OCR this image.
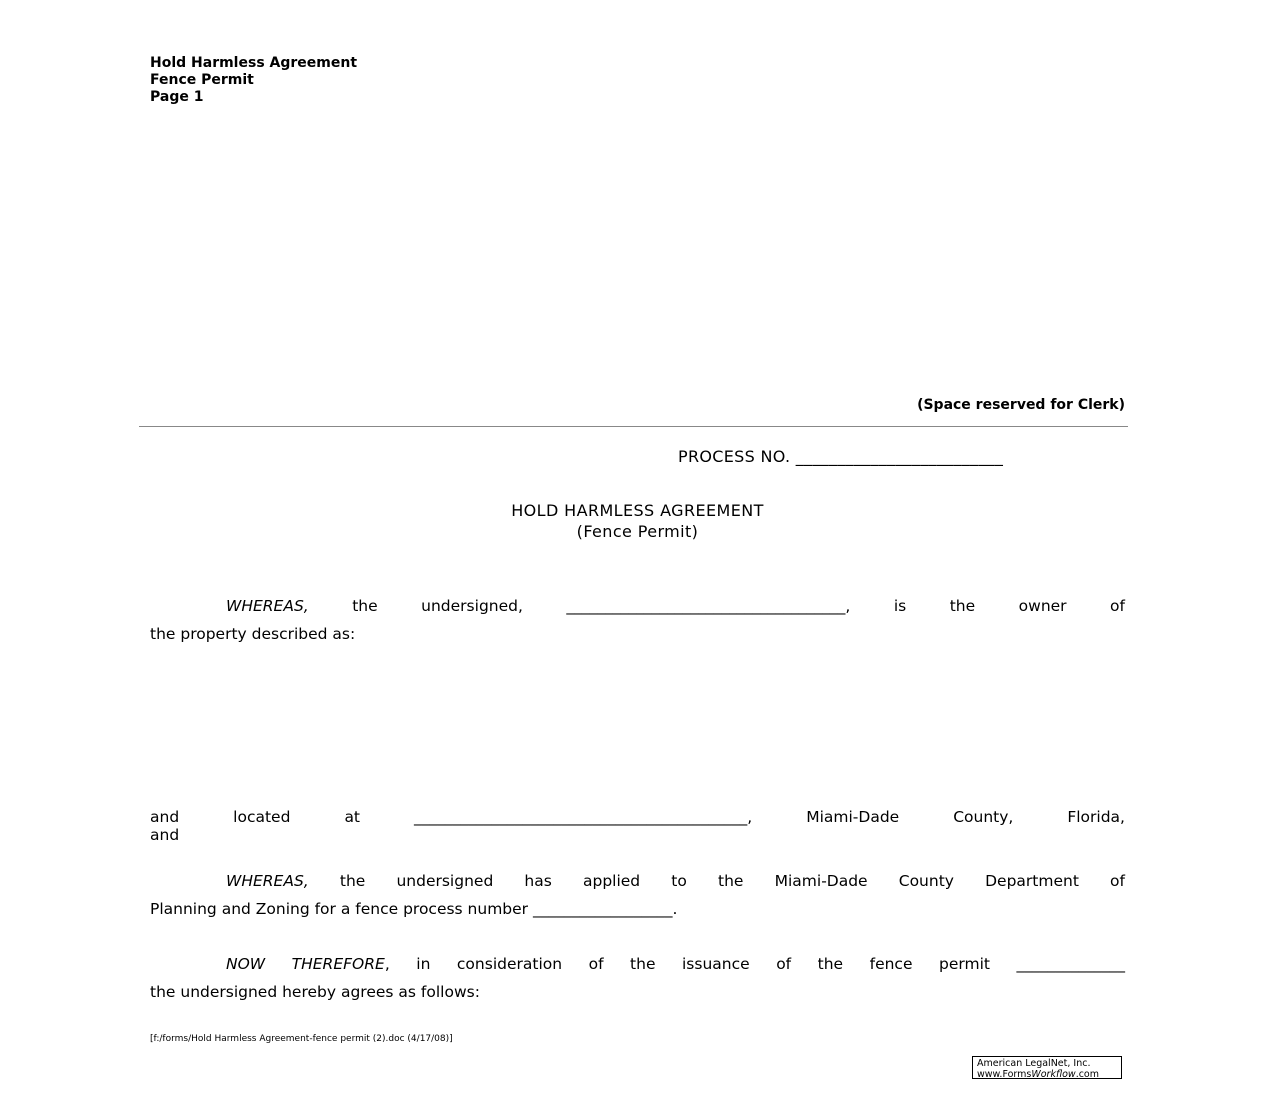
Hold Harmless Agreement
Fence Permit
Page 1
(Space reserved for Clerk)
PROCESS NO. _________________________
HOLD HARMLESS AGREEMENT
(Fence Permit)
WHEREAS, the undersigned, ____________________________________, is the owner of
the property described as:
and located at ___________________________________________, Miami-Dade County, Florida,
and
WHEREAS, the undersigned has applied to the Miami-Dade County Department of
Planning and Zoning for a fence process number __________________.
NOW THEREFORE, in consideration of the issuance of the fence permit ______________
the undersigned hereby agrees as follows:
[f:/forms/Hold Harmless Agreement-fence permit (2).doc (4/17/08)]
American LegalNet, Inc.
www.FormsWorkflow.com
